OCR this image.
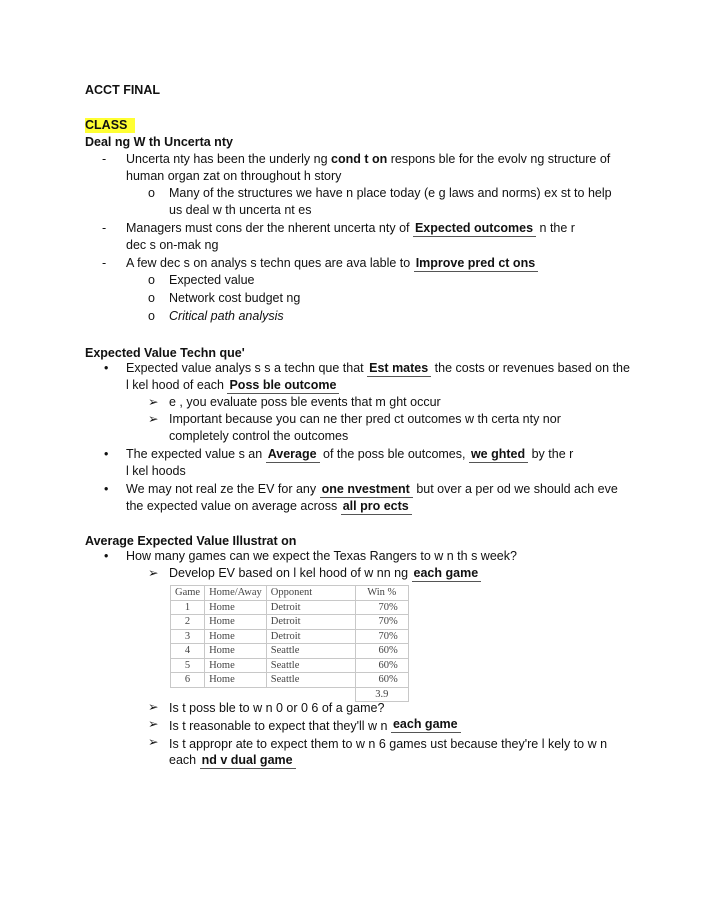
ACCT FINAL
CLASS
Deal ng W th Uncerta nty
- Uncerta nty has been the underly ng cond t on respons ble for the evolv ng structure of
human organ zat on throughout h story
o Many of the structures we have n place today (e g laws and norms) ex st to help
us deal w th uncerta nt es
- Managers must cons der the nherent uncerta nty of Expected outcomes n the r
dec s on-mak ng
- A few dec s on analys s techn ques are ava lable to Improve pred ct ons
o Expected value
o Network cost budget ng
o Critical path analysis
Expected Value Techn que'
• Expected value analys s s a techn que that Est mates the costs or revenues based on the
l kel hood of each Poss ble outcome
➢ e , you evaluate poss ble events that m ght occur
➢ Important because you can ne ther pred ct outcomes w th certa nty nor
completely control the outcomes
• The expected value s an Average of the poss ble outcomes, we ghted by the r
l kel hoods
• We may not real ze the EV for any one nvestment but over a per od we should ach eve
the expected value on average across all pro ects
Average Expected Value Illustrat on
• How many games can we expect the Texas Rangers to w n th s week?
➢ Develop EV based on l kel hood of w nn ng each game
Game	Home/Away	Opponent	Win %
1	Home	Detroit	70%
2	Home	Detroit	70%
3	Home	Detroit	70%
4	Home	Seattle	60%
5	Home	Seattle	60%
6	Home	Seattle	60%
			3.9
➢ Is t poss ble to w n 0 or 0 6 of a game?
➢ Is t reasonable to expect that they'll w n each game
➢ Is t appropr ate to expect them to w n 6 games ust because they're l kely to w n
each nd v dual game
